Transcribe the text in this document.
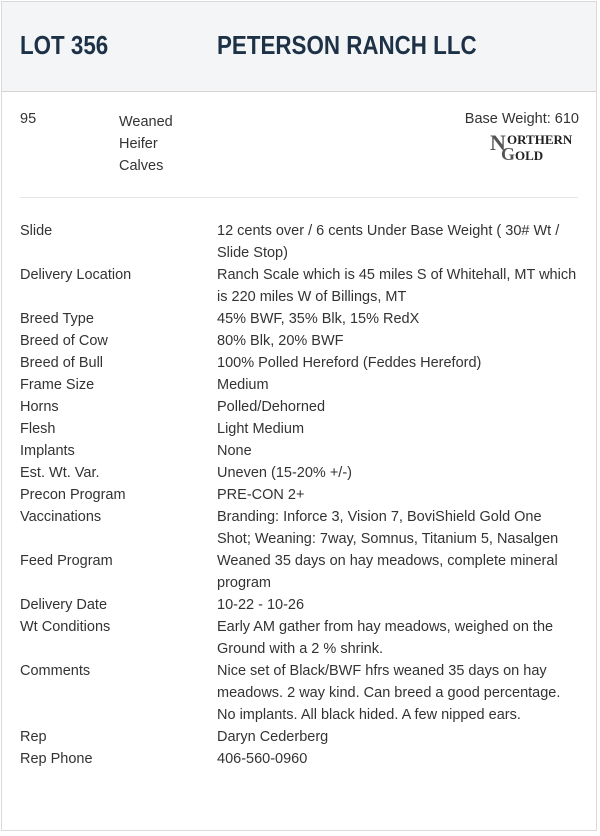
LOT 356	PETERSON RANCH LLC
95	Weaned
Heifer
Calves
Base Weight: 610
N ORTHERN
G OLD
Slide	12 cents over / 6 cents Under Base Weight ( 30# Wt / Slide Stop)
Delivery Location	Ranch Scale which is 45 miles S of Whitehall, MT which is 220 miles W of Billings, MT
Breed Type	45% BWF, 35% Blk, 15% RedX
Breed of Cow	80% Blk, 20% BWF
Breed of Bull	100% Polled Hereford (Feddes Hereford)
Frame Size	Medium
Horns	Polled/Dehorned
Flesh	Light Medium
Implants	None
Est. Wt. Var.	Uneven (15-20% +/-)
Precon Program	PRE-CON 2+
Vaccinations	Branding: Inforce 3, Vision 7, BoviShield Gold One Shot; Weaning: 7way, Somnus, Titanium 5, Nasalgen
Feed Program	Weaned 35 days on hay meadows, complete mineral program
Delivery Date	10-22 - 10-26
Wt Conditions	Early AM gather from hay meadows, weighed on the Ground with a 2 % shrink.
Comments	Nice set of Black/BWF hfrs weaned 35 days on hay meadows. 2 way kind. Can breed a good percentage. No implants. All black hided. A few nipped ears.
Rep	Daryn Cederberg
Rep Phone	406-560-0960
